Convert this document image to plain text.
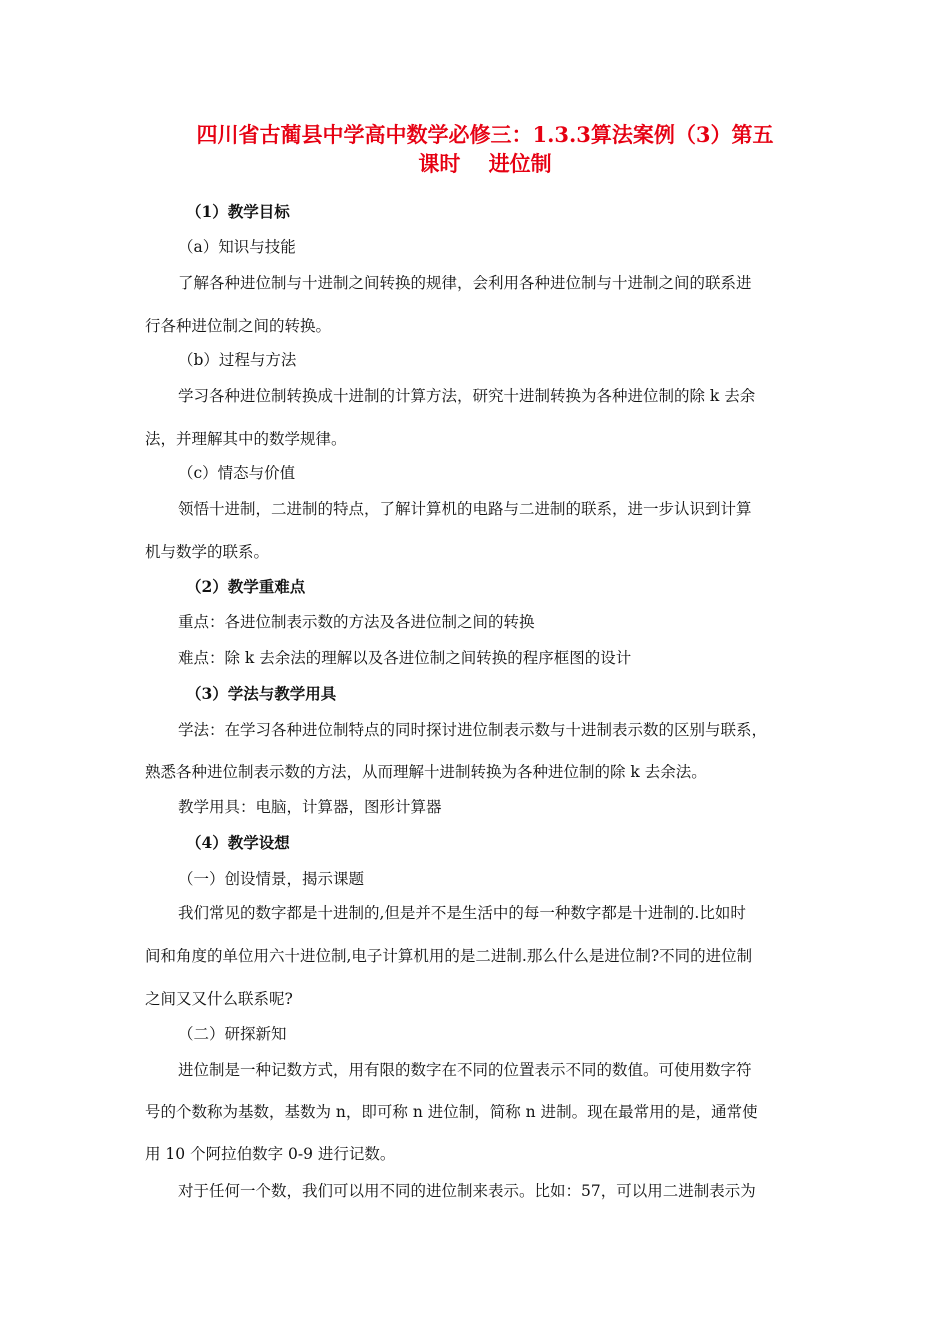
四川省古蔺县中学高中数学必修三：1.3.3算法案例（3）第五
课时　 进位制
（1）教学目标
（a）知识与技能
了解各种进位制与十进制之间转换的规律，会利用各种进位制与十进制之间的联系进
行各种进位制之间的转换。
（b）过程与方法
学习各种进位制转换成十进制的计算方法，研究十进制转换为各种进位制的除 k 去余
法，并理解其中的数学规律。
（c）情态与价值
领悟十进制，二进制的特点，了解计算机的电路与二进制的联系，进一步认识到计算
机与数学的联系。
（2）教学重难点
重点：各进位制表示数的方法及各进位制之间的转换
难点：除 k 去余法的理解以及各进位制之间转换的程序框图的设计
（3）学法与教学用具
学法：在学习各种进位制特点的同时探讨进位制表示数与十进制表示数的区别与联系，
熟悉各种进位制表示数的方法，从而理解十进制转换为各种进位制的除 k 去余法。
教学用具：电脑，计算器，图形计算器
（4）教学设想
（一）创设情景，揭示课题
我们常见的数字都是十进制的,但是并不是生活中的每一种数字都是十进制的.比如时
间和角度的单位用六十进位制,电子计算机用的是二进制.那么什么是进位制?不同的进位制
之间又又什么联系呢?
（二）研探新知
进位制是一种记数方式，用有限的数字在不同的位置表示不同的数值。可使用数字符
号的个数称为基数，基数为 n，即可称 n 进位制，简称 n 进制。现在最常用的是，通常使
用 10 个阿拉伯数字 0-9 进行记数。
对于任何一个数，我们可以用不同的进位制来表示。比如：57，可以用二进制表示为
